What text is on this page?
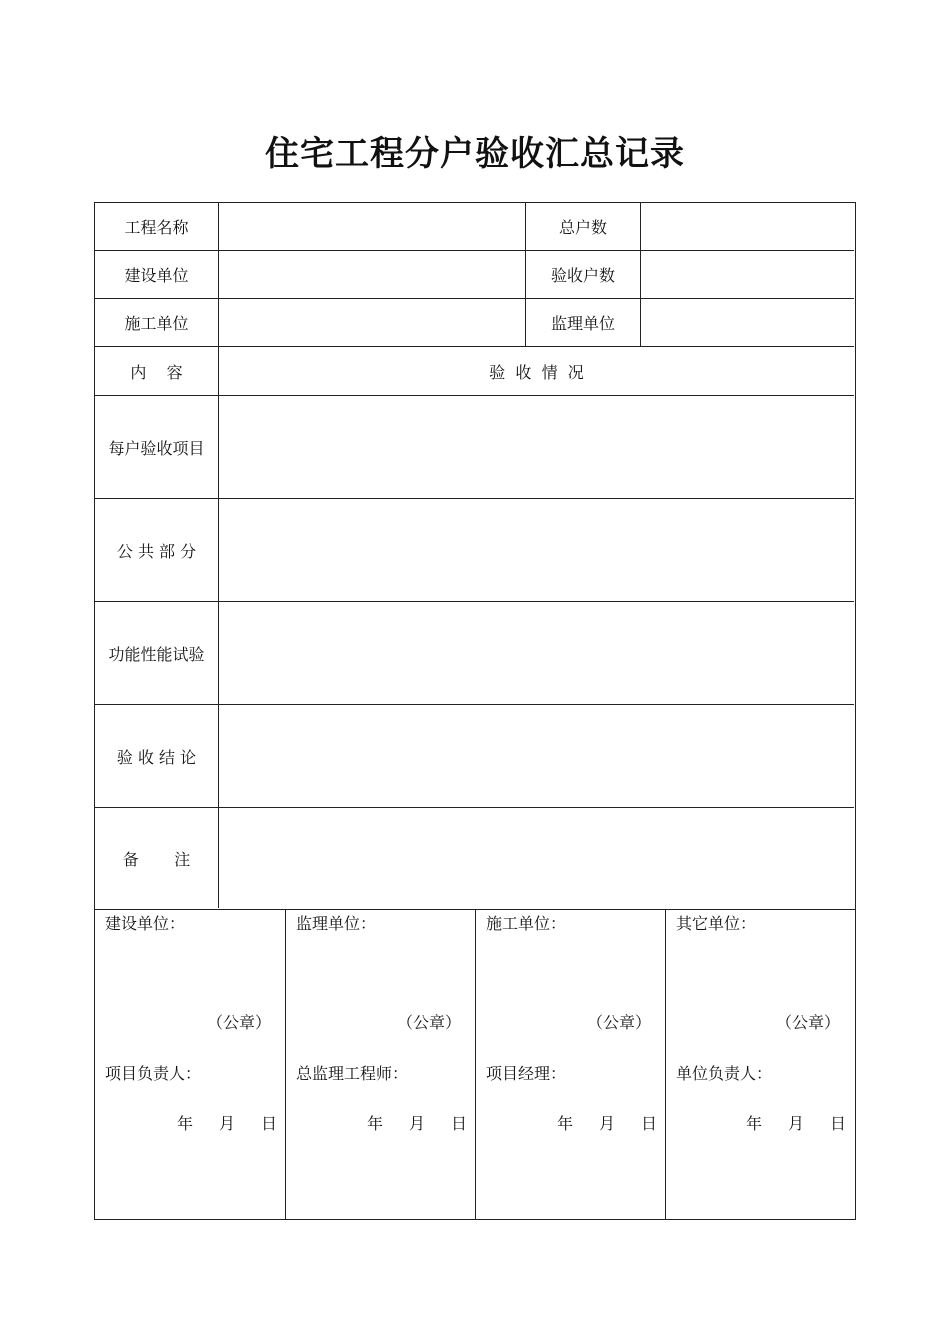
住宅工程分户验收汇总记录
工程名称	总户数
建设单位	验收户数
施工单位	监理单位
内    容	验  收  情  况
每户验收项目
公 共 部 分
功能性能试验
验 收 结 论
备       注
建设单位：
（公章）
项目负责人：
年 月 日
监理单位：
（公章）
总监理工程师：
年 月 日
施工单位：
（公章）
项目经理：
年 月 日
其它单位：
（公章）
单位负责人：
年 月 日
